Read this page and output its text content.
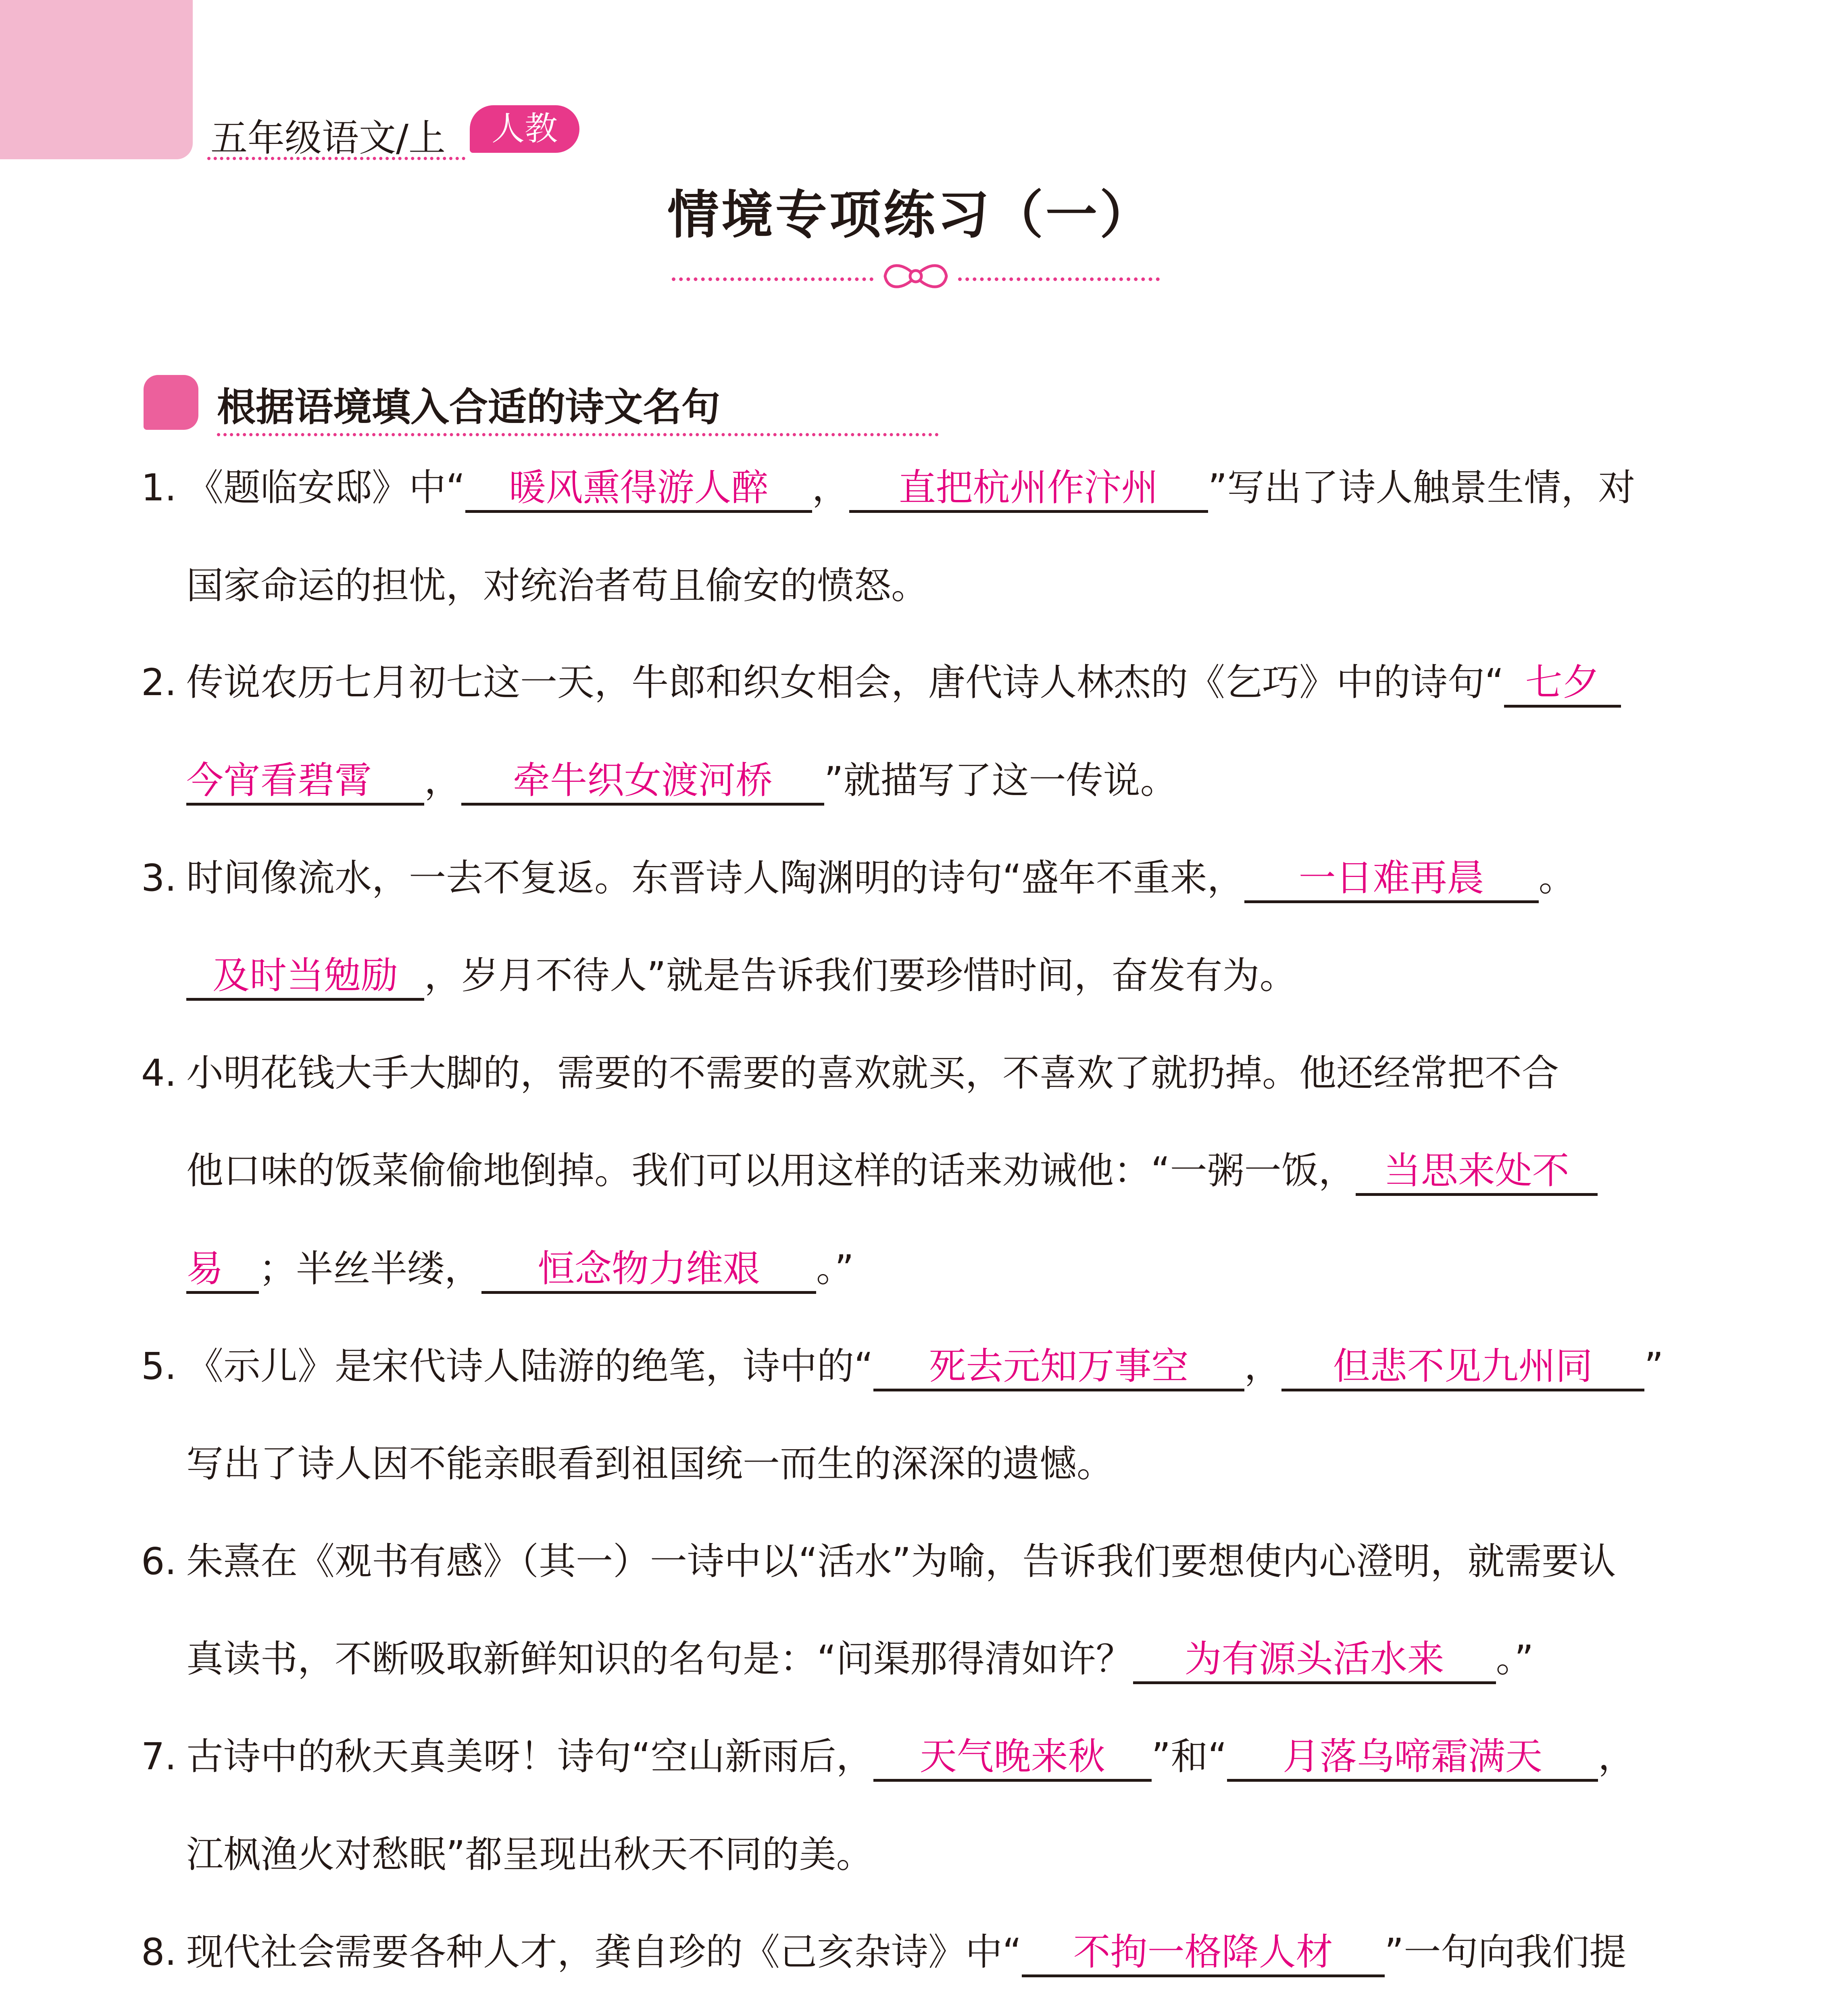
五年级语文/上	人教
情境专项练习（一）
根据语境填入合适的诗文名句
1. 《题临安邸》中“ 暖风熏得游人醉 ， 直把杭州作汴州 ”写出了诗人触景生情，对
国家命运的担忧，对统治者苟且偷安的愤怒。
2. 传说农历七月初七这一天，牛郎和织女相会，唐代诗人林杰的《乞巧》中的诗句“ 七夕
今宵看碧霄 ， 牵牛织女渡河桥 ”就描写了这一传说。
3. 时间像流水，一去不复返。东晋诗人陶渊明的诗句“盛年不重来， 一日难再晨 。
及时当勉励 ，岁月不待人”就是告诉我们要珍惜时间，奋发有为。
4. 小明花钱大手大脚的，需要的不需要的喜欢就买，不喜欢了就扔掉。他还经常把不合
他口味的饭菜偷偷地倒掉。我们可以用这样的话来劝诫他：“一粥一饭， 当思来处不
易 ；半丝半缕， 恒念物力维艰 。”
5. 《示儿》是宋代诗人陆游的绝笔，诗中的“ 死去元知万事空 ， 但悲不见九州同 ”
写出了诗人因不能亲眼看到祖国统一而生的深深的遗憾。
6. 朱熹在《观书有感》（其一）一诗中以“活水”为喻，告诉我们要想使内心澄明，就需要认
真读书，不断吸取新鲜知识的名句是：“问渠那得清如许？ 为有源头活水来 。”
7. 古诗中的秋天真美呀！诗句“空山新雨后， 天气晚来秋 ”和“ 月落乌啼霜满天 ，
江枫渔火对愁眠”都呈现出秋天不同的美。
8. 现代社会需要各种人才，龚自珍的《己亥杂诗》中“ 不拘一格降人材 ”一句向我们提
